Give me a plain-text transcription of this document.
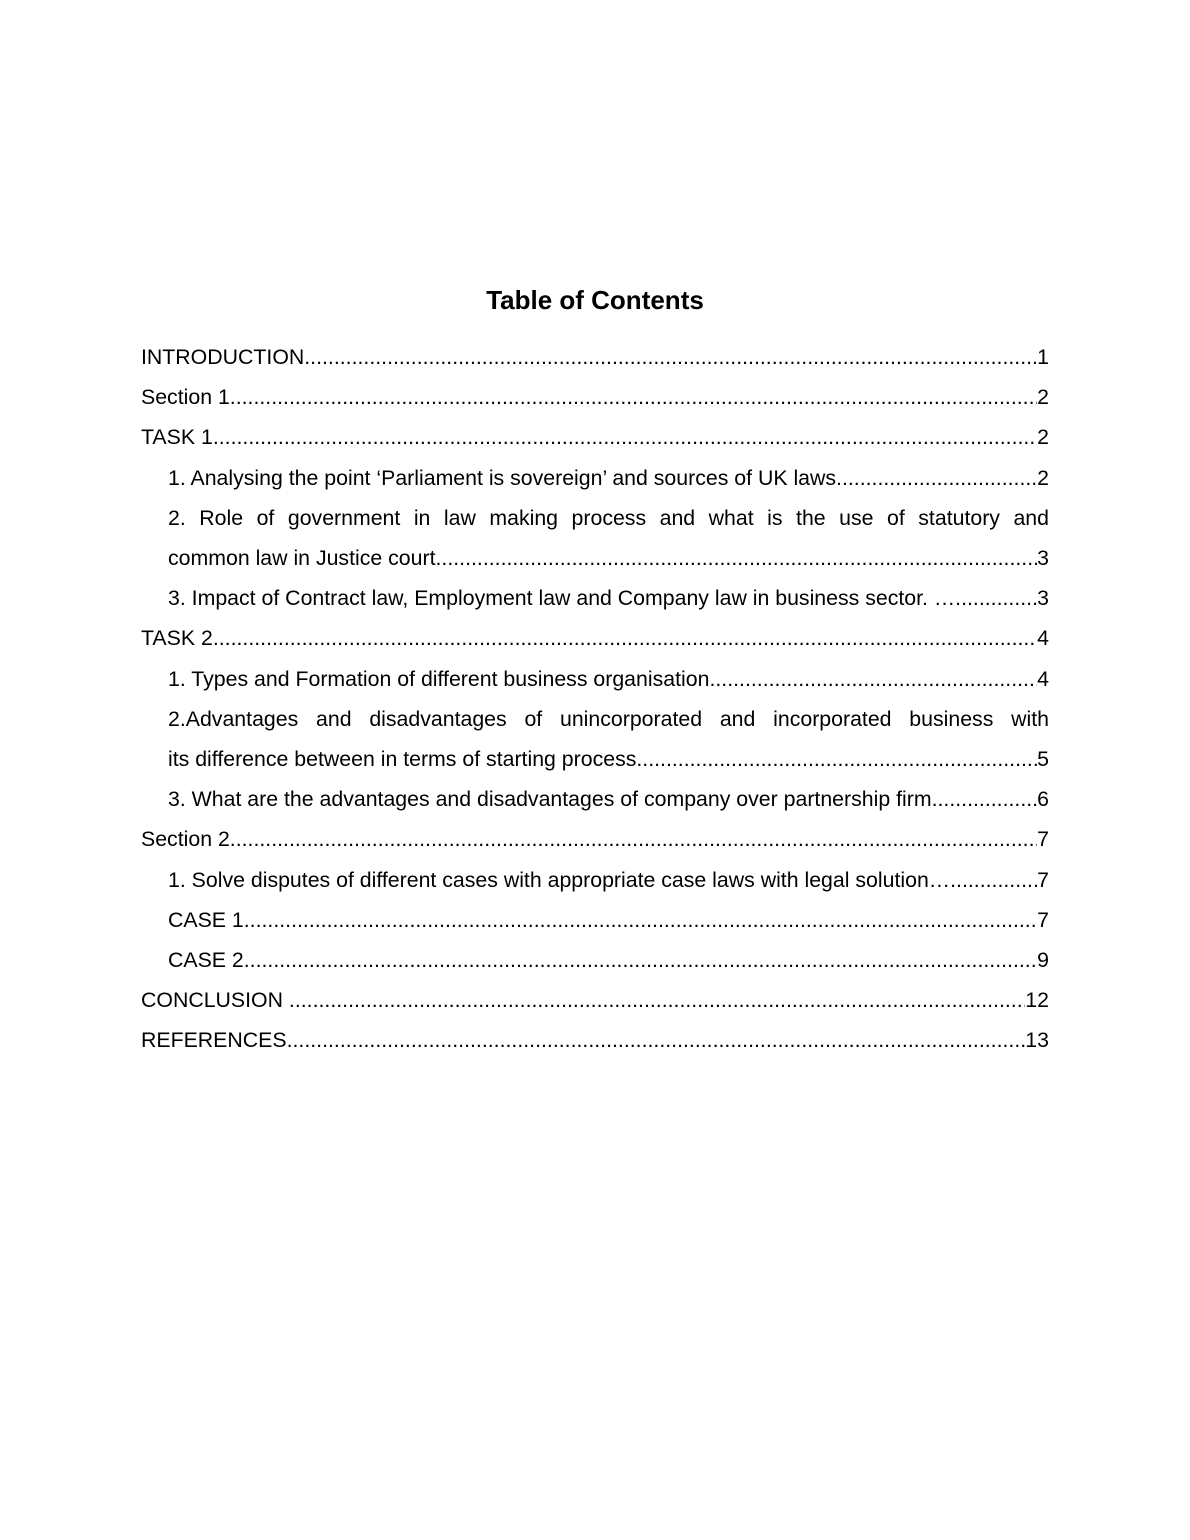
Table of Contents
INTRODUCTION .....	1
Section 1 .....	2
TASK 1 .....	2
1. Analysing the point ‘Parliament is sovereign’ and sources of UK laws. .....	2
2. Role of government in law making process and what is the use of statutory and
common law in Justice court. .....	3
3. Impact of Contract law, Employment law and Company law in business sector. … .....	3
TASK 2 .....	4
1. Types and Formation of different business organisation .....	4
2.Advantages and disadvantages of unincorporated and incorporated business with
its difference between in terms of starting process. .....	5
3. What are the advantages and disadvantages of company over partnership firm .....	6
Section 2 .....	7
1. Solve disputes of different cases with appropriate case laws with legal solution… .....	7
CASE 1 .....	7
CASE 2 .....	9
CONCLUSION .....	12
REFERENCES .....	13
